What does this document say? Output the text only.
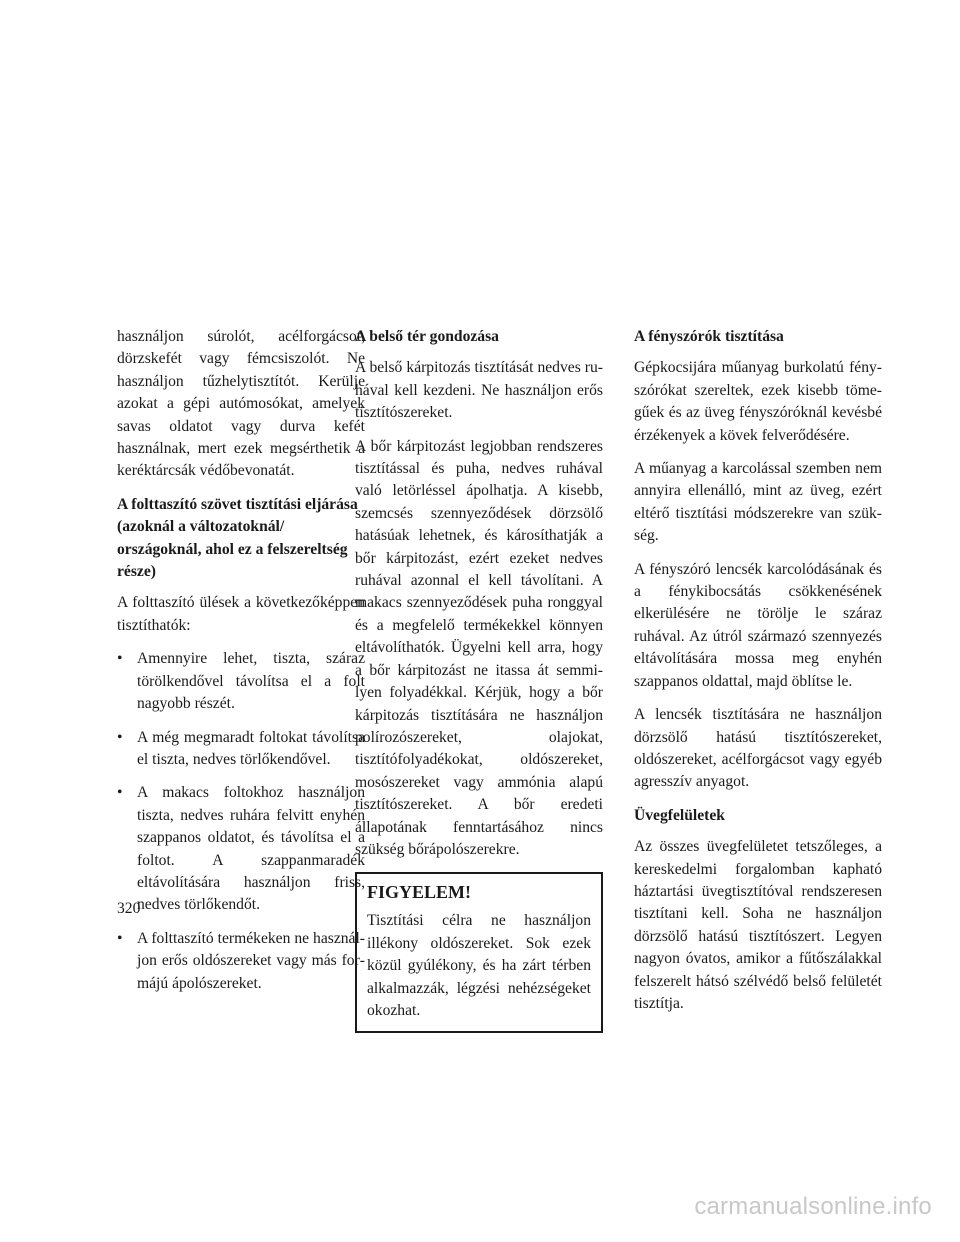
használjon súrolót, acélforgácsot, dörzskefét vagy fémcsiszolót. Ne használjon tűzhelytisztítót. Kerülje azokat a gépi autómosókat, amelyek savas oldatot vagy durva kefét használnak, mert ezek megsérthetik a keréktárcsák védőbevonatát.

A folttaszító szövet tisztítási eljárása (azoknál a változatoknál/ országoknál, ahol ez a felszereltség része)

A folttaszító ülések a következőképpen tisztíthatók:

• Amennyire lehet, tiszta, száraz törölkendővel távolítsa el a folt nagyobb részét.
• A még megmaradt foltokat távolítsa el tiszta, nedves törlőkendővel.
• A makacs foltokhoz használjon tiszta, nedves ruhára felvitt enyhén szappanos oldatot, és távolítsa el a foltot. A szappanmaradék eltávolítására használjon friss, nedves törlőkendőt.
• A folttaszító termékeken ne használjon erős oldószereket vagy más formájú ápolószereket.
A belső tér gondozása

A belső kárpitozás tisztítását nedves ruhával kell kezdeni. Ne használjon erős tisztítószereket.

A bőr kárpitozást legjobban rendszeres tisztítással és puha, nedves ruhával való letörléssel ápolhatja. A kisebb, szemcsés szennyeződések dörzsölő hatásúak lehetnek, és károsíthatják a bőr kárpitozást, ezért ezeket nedves ruhával azonnal el kell távolítani. A makacs szennyeződések puha ronggyal és a megfelelő termékekkel könnyen eltávolíthatók. Ügyelni kell arra, hogy a bőr kárpitozást ne itassa át semmilyen folyadékkal. Kérjük, hogy a bőr kárpitozás tisztítására ne használjon polírozószereket, olajokat, tisztítófolyadékokat, oldószereket, mosószereket vagy ammónia alapú tisztítószereket. A bőr eredeti állapotának fenntartásához nincs szükség bőrápolószerekre.

FIGYELEM!

Tisztítási célra ne használjon illékony oldószereket. Sok ezek közül gyúlékony, és ha zárt térben alkalmazzák, légzési nehézségeket okozhat.

A fényszórók tisztítása

Gépkocsijára műanyag burkolatú fényszórókat szereltek, ezek kisebb tömegűek és az üveg fényszóróknál kevésbé érzékenyek a kövek felverődésére.

A műanyag a karcolással szemben nem annyira ellenálló, mint az üveg, ezért eltérő tisztítási módszerekre van szükség.

A fényszóró lencsék karcolódásának és a fénykibocsátás csökkenésének elkerülésére ne törölje le száraz ruhával. Az útról származó szennyezés eltávolítására mossa meg enyhén szappanos oldattal, majd öblítse le.

A lencsék tisztítására ne használjon dörzsölő hatású tisztítószereket, oldószereket, acélforgácsot vagy egyéb agresszív anyagot.

Üvegfelületek

Az összes üvegfelületet tetszőleges, a kereskedelmi forgalomban kapható háztartási üvegtisztítóval rendszeresen tisztítani kell. Soha ne használjon dörzsölő hatású tisztítószert. Legyen nagyon óvatos, amikor a fűtőszálakkal felszerelt hátsó szélvédő belső felületét tisztítja.

320
carmanualsonline.info
